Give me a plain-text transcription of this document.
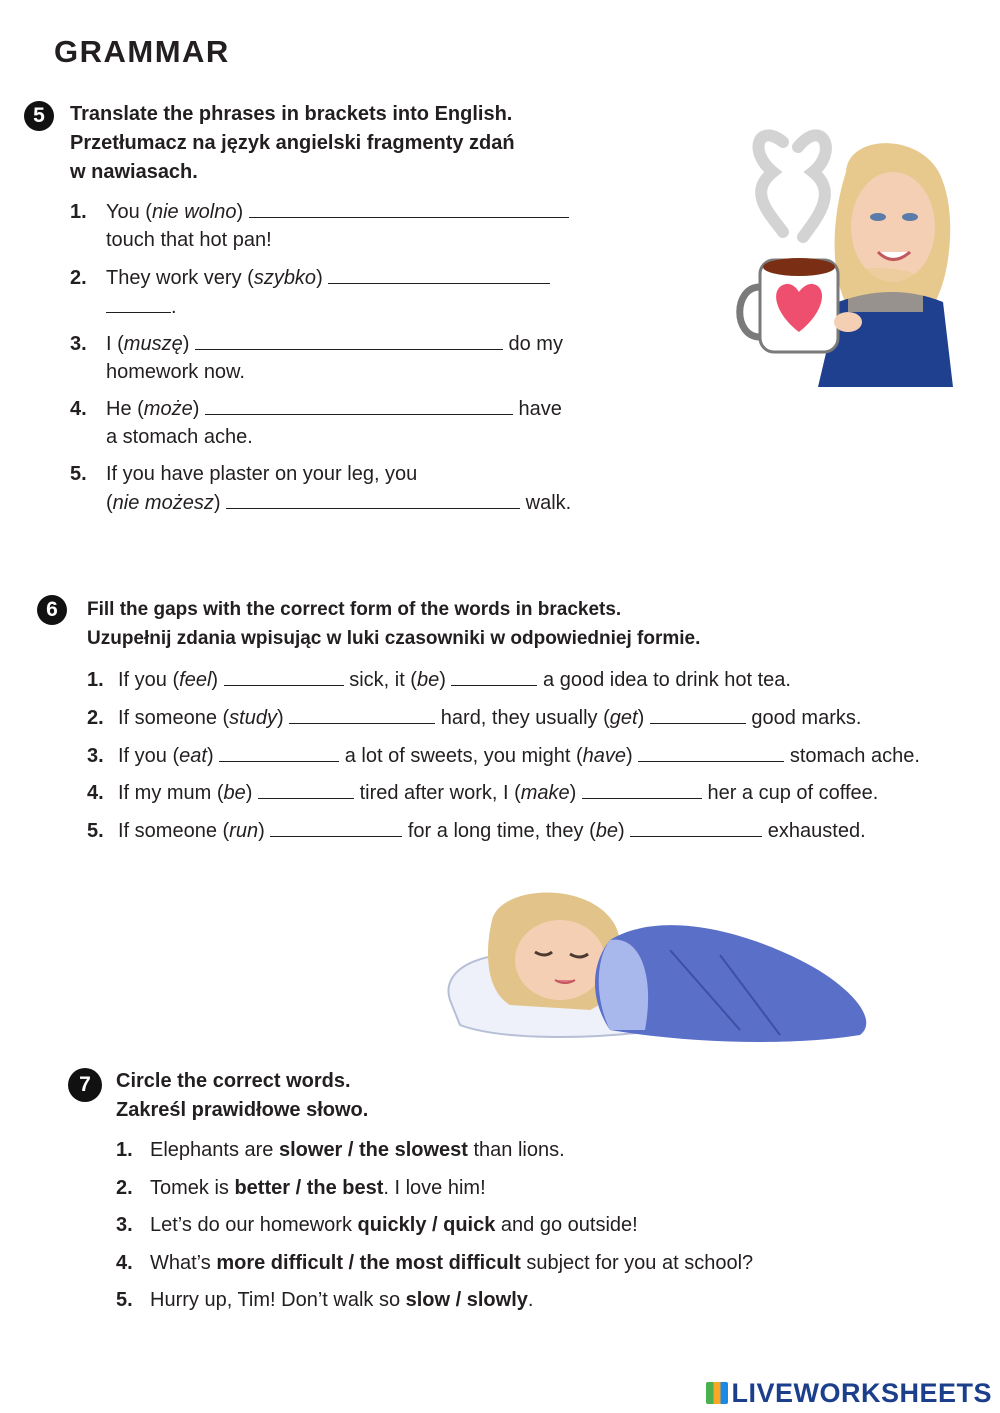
GRAMMAR
5	Translate the phrases in brackets into English.
Przetłumacz na język angielski fragmenty zdań
w nawiasach.
1. You (nie wolno)
touch that hot pan!
2. They work very (szybko)
.
3. I (muszę)	do my
homework now.
4. He (może)	have
a stomach ache.
5. If you have plaster on your leg, you
(nie możesz)	walk.
6	Fill the gaps with the correct form of the words in brackets.
Uzupełnij zdania wpisując w luki czasowniki w odpowiedniej formie.
1. If you (feel)	sick, it (be)	a good idea to drink hot tea.
2. If someone (study)	hard, they usually (get)	good marks.
3. If you (eat)	a lot of sweets, you might (have)	stomach ache.
4. If my mum (be)	tired after work, I (make)	her a cup of coffee.
5. If someone (run)	for a long time, they (be)	exhausted.
7	Circle the correct words.
Zakreśl prawidłowe słowo.
1. Elephants are slower / the slowest than lions.
2. Tomek is better / the best. I love him!
3. Let’s do our homework quickly / quick and go outside!
4. What’s more difficult / the most difficult subject for you at school?
5. Hurry up, Tim! Don’t walk so slow / slowly.
LIVEWORKSHEETS
